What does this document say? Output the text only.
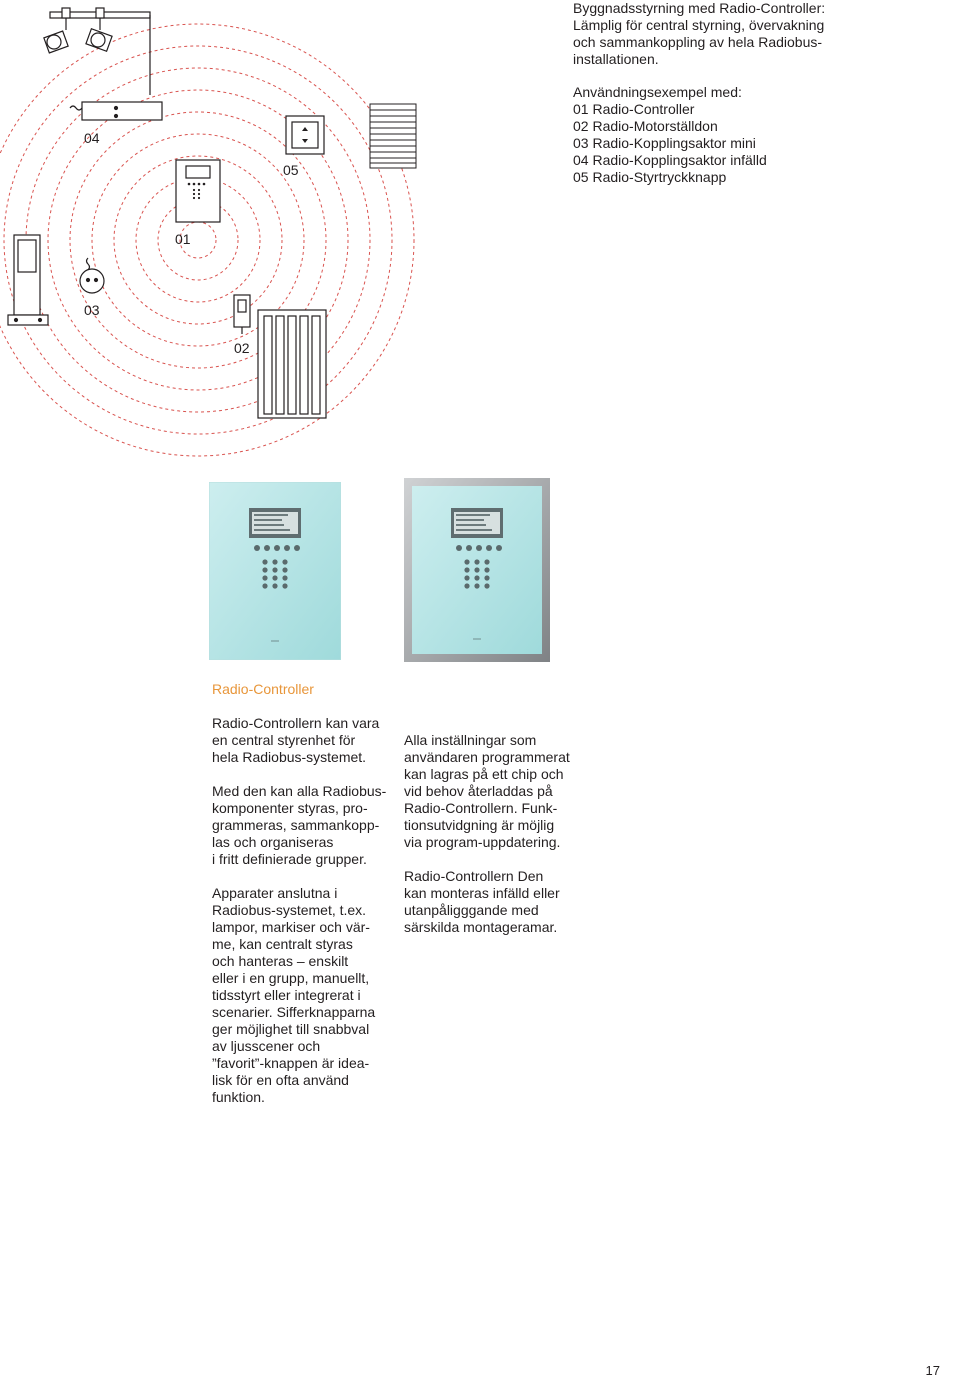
04
05
01
03
02
Byggnadsstyrning med Radio-Controller:
Lämplig för central styrning, övervakning
och sammankoppling av hela Radiobus-
installationen.
Användningsexempel med:
01 Radio-Controller
02 Radio-Motorställdon
03 Radio-Kopplingsaktor mini
04 Radio-Kopplingsaktor infälld
05 Radio-Styrtryckknapp
Radio-Controller

Radio-Controllern kan vara
en central styrenhet för
hela Radiobus-systemet.

Med den kan alla Radiobus-
komponenter styras, pro-
grammeras, sammankopp-
las och organiseras
i fritt definierade grupper.

Apparater anslutna i
Radiobus-systemet, t.ex.
lampor, markiser och vär-
me, kan centralt styras
och hanteras – enskilt
eller i en grupp, manuellt,
tidsstyrt eller integrerat i
scenarier. Sifferknapparna
ger möjlighet till snabbval
av ljusscener och
”favorit”-knappen är idea-
lisk för en ofta använd
funktion.

Alla inställningar som
användaren programmerat
kan lagras på ett chip och
vid behov återladdas på
Radio-Controllern. Funk-
tionsutvidgning är möjlig
via program-uppdatering.

Radio-Controllern Den
kan monteras infälld eller
utanpåligggande med
särskilda montageramar.

17
